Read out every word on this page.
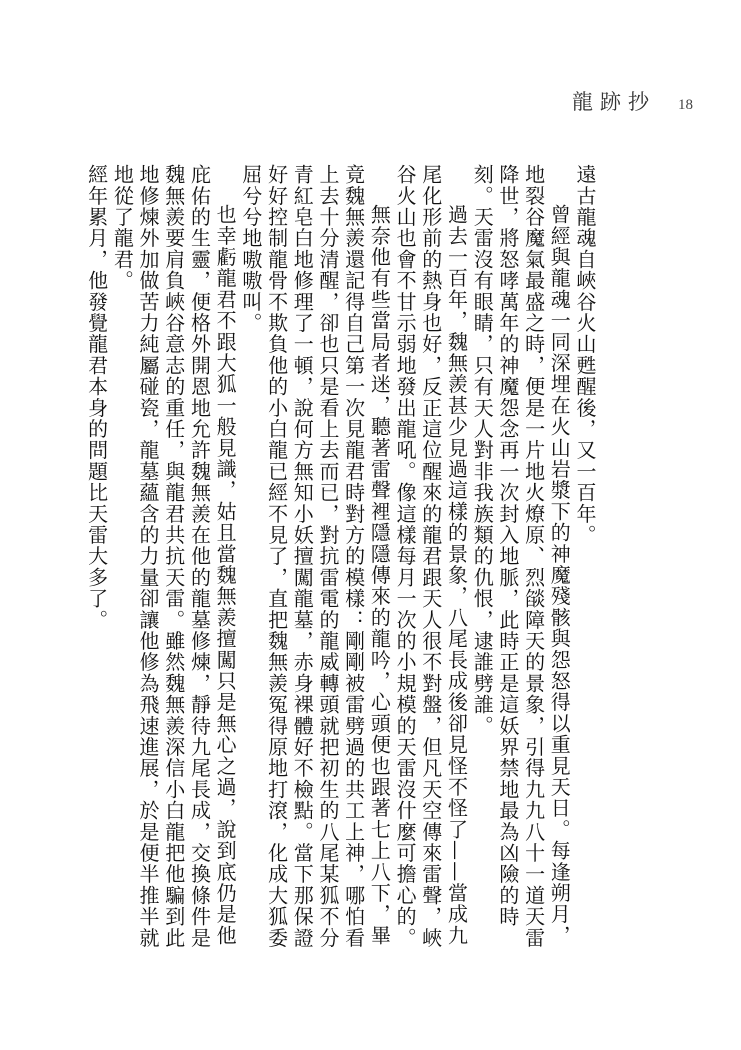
龍跡抄 18

遠古龍魂自峽谷火山甦醒後，又一百年。

曾經與龍魂一同深埋在火山岩漿下的神魔殘骸與怨怒得以重見天日。每逢朔月，地裂谷魔氣最盛之時，便是一片地火燎原、烈燄障天的景象，引得九九八十一道天雷降世，將怒哮萬年的神魔怨念再一次封入地脈，此時正是這妖界禁地最為凶險的時刻。天雷沒有眼睛，只有天人對非我族類的仇恨，逮誰劈誰。

過去一百年，魏無羨甚少見過這樣的景象，八尾長成後卻見怪不怪了——當成九尾化形前的熱身也好，反正這位醒來的龍君跟天人很不對盤，但凡天空傳來雷聲，峽谷火山也會不甘示弱地發出龍吼。像這樣每月一次的小規模的天雷沒什麼可擔心的。

無奈他有些當局者迷，聽著雷聲裡隱隱傳來的龍吟，心頭便也跟著七上八下，畢竟魏無羨還記得自己第一次見龍君時對方的模樣：剛剛被雷劈過的共工上神，哪怕看上去十分清醒，卻也只是看上去而已，對抗雷電的龍威轉頭就把初生的八尾某狐不分青紅皂白地修理了一頓，說何方無知小妖擅闖龍墓，赤身裸體好不檢點。當下那保證好好控制龍骨不欺負他的小白龍已經不見了，直把魏無羨冤得原地打滾，化成大狐委屈兮兮地嗷嗷叫。

也幸虧龍君不跟大狐一般見識，姑且當魏無羨擅闖只是無心之過，說到底仍是他庇佑的生靈，便格外開恩地允許魏無羨在他的龍墓修煉，靜待九尾長成，交換條件是魏無羨要肩負峽谷意志的重任，與龍君共抗天雷。雖然魏無羨深信小白龍把他騙到此地修煉外加做苦力純屬碰瓷，龍墓蘊含的力量卻讓他修為飛速進展，於是便半推半就地從了龍君。

經年累月，他發覺龍君本身的問題比天雷大多了。
